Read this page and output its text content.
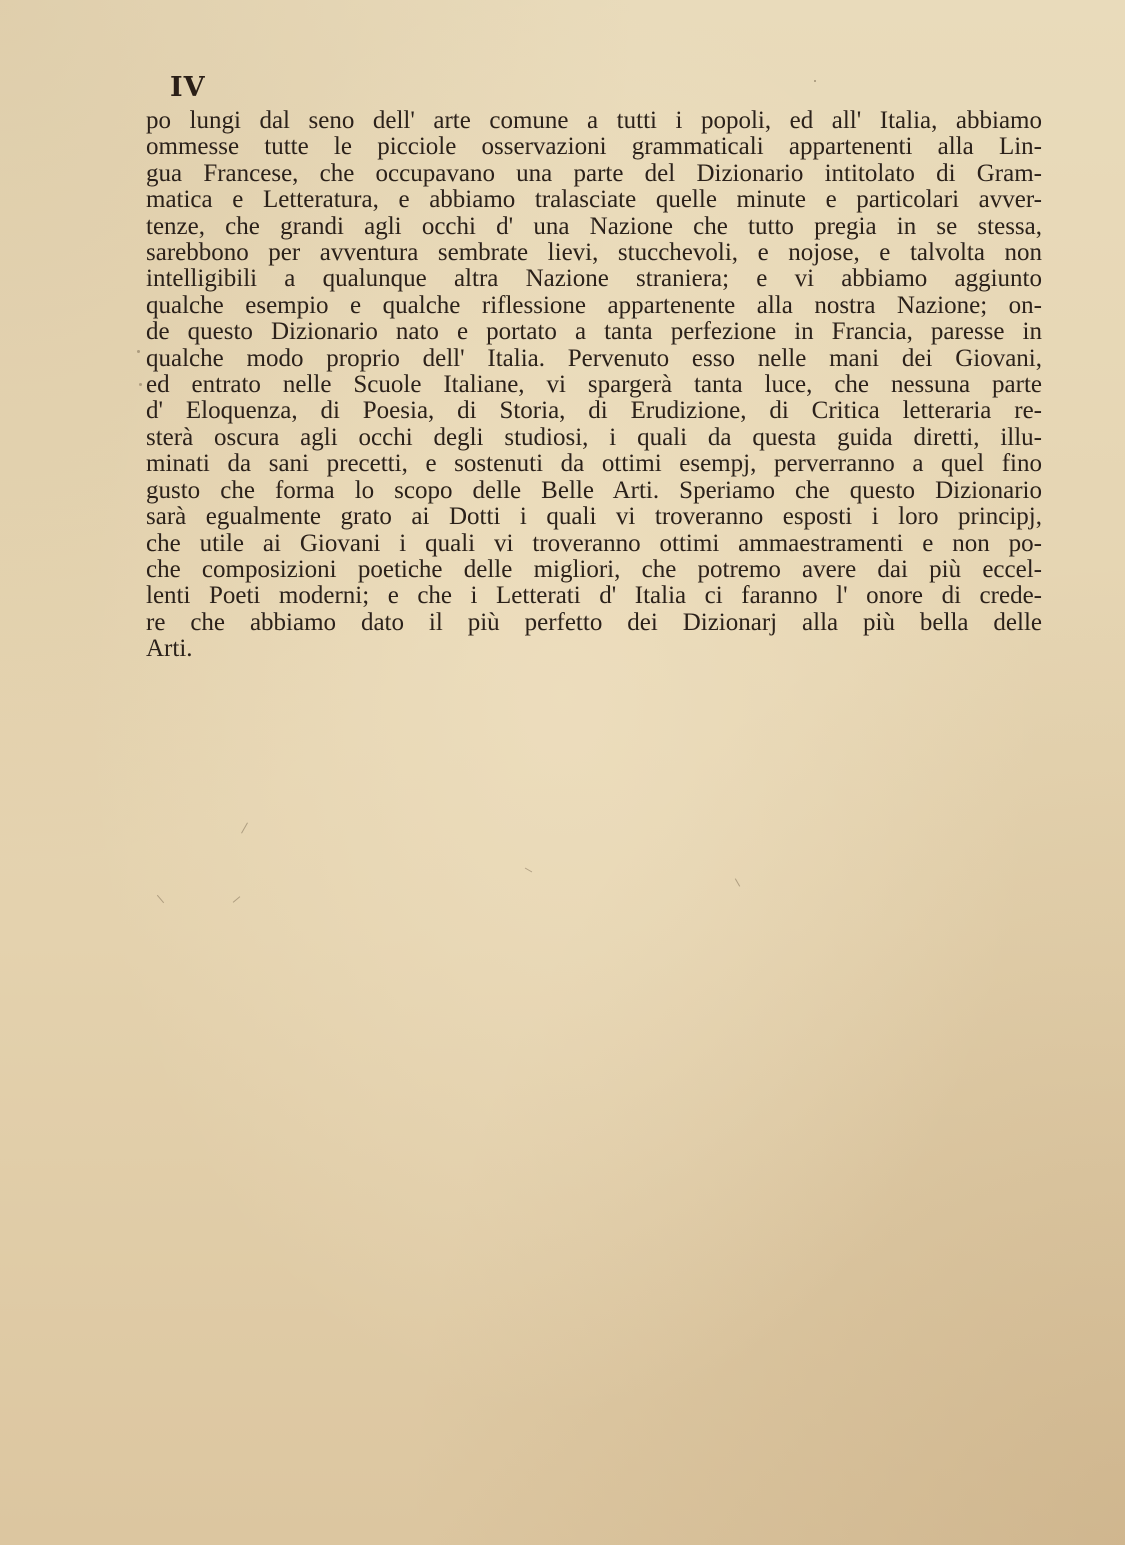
IV
po lungi dal seno dell' arte comune a tutti i popoli, ed all' Italia, abbiamo
ommesse tutte le picciole osservazioni grammaticali appartenenti alla Lin-
gua Francese, che occupavano una parte del Dizionario intitolato di Gram-
matica e Letteratura, e abbiamo tralasciate quelle minute e particolari avver-
tenze, che grandi agli occhi d' una Nazione che tutto pregia in se stessa,
sarebbono per avventura sembrate lievi, stucchevoli, e nojose, e talvolta non
intelligibili a qualunque altra Nazione straniera; e vi abbiamo aggiunto
qualche esempio e qualche riflessione appartenente alla nostra Nazione; on-
de questo Dizionario nato e portato a tanta perfezione in Francia, paresse in
qualche modo proprio dell' Italia. Pervenuto esso nelle mani dei Giovani,
ed entrato nelle Scuole Italiane, vi spargerà tanta luce, che nessuna parte
d' Eloquenza, di Poesia, di Storia, di Erudizione, di Critica letteraria re-
sterà oscura agli occhi degli studiosi, i quali da questa guida diretti, illu-
minati da sani precetti, e sostenuti da ottimi esempj, perverranno a quel fino
gusto che forma lo scopo delle Belle Arti. Speriamo che questo Dizionario
sarà egualmente grato ai Dotti i quali vi troveranno esposti i loro principj,
che utile ai Giovani i quali vi troveranno ottimi ammaestramenti e non po-
che composizioni poetiche delle migliori, che potremo avere dai più eccel-
lenti Poeti moderni; e che i Letterati d' Italia ci faranno l' onore di crede-
re che abbiamo dato il più perfetto dei Dizionarj alla più bella delle
Arti.
